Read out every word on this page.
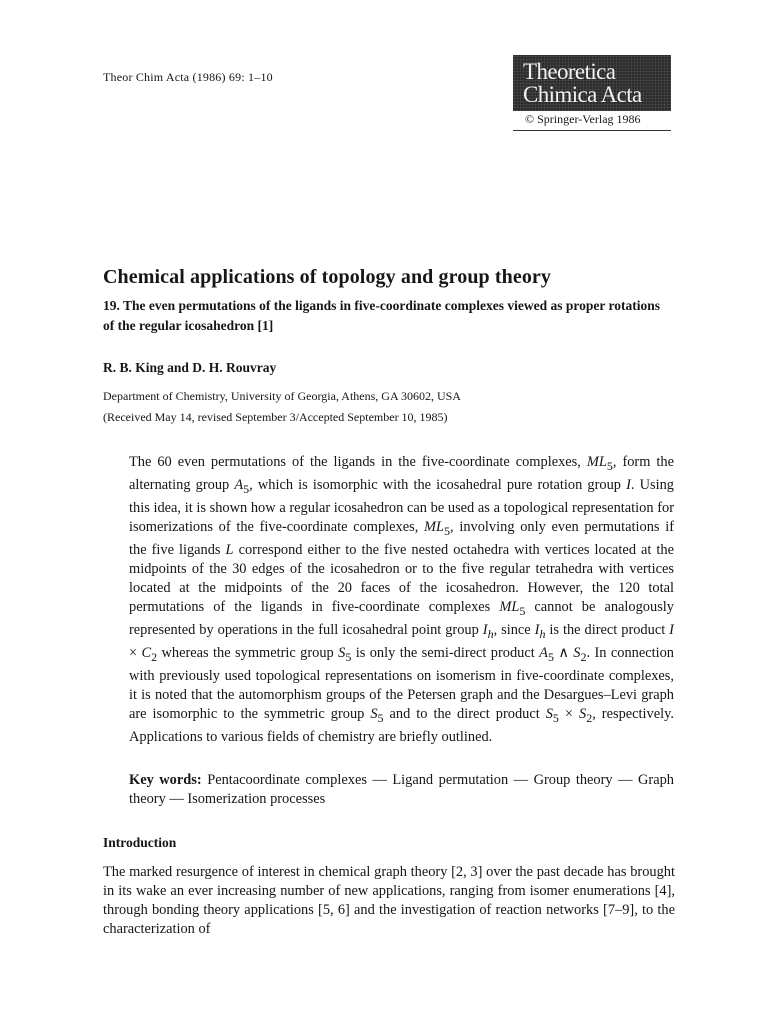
Theor Chim Acta (1986) 69: 1–10	Theoretica
Chimica Acta
© Springer-Verlag 1986
Chemical applications of topology and group theory
19. The even permutations of the ligands in five-coordinate complexes viewed as proper rotations of the regular icosahedron [1]
R. B. King and D. H. Rouvray
Department of Chemistry, University of Georgia, Athens, GA 30602, USA
(Received May 14, revised September 3/Accepted September 10, 1985)
The 60 even permutations of the ligands in the five-coordinate complexes, $ML_5$, form the alternating group $A_5$, which is isomorphic with the icosahedral pure rotation group I. Using this idea, it is shown how a regular icosahedron can be used as a topological representation for isomerizations of the five-coordinate complexes, $ML_5$, involving only even permutations if the five ligands L correspond either to the five nested octahedra with vertices located at the midpoints of the 30 edges of the icosahedron or to the five regular tetrahedra with vertices located at the midpoints of the 20 faces of the icosahedron. However, the 120 total permutations of the ligands in five-coordinate complexes $ML_5$ cannot be analogously represented by operations in the full icosahedral point group $I_h$, since $I_h$ is the direct product $I \times C_2$ whereas the symmetric group $S_5$ is only the semi-direct product $A_5$ ∧ $S_2$. In connection with previously used topological representations on isomerism in five-coordinate complexes, it is noted that the automorphism groups of the Petersen graph and the Desargues–Levi graph are isomorphic to the symmetric group $S_5$ and to the direct product $S_5 \times S_2$, respectively. Applications to various fields of chemistry are briefly outlined.
Key words: Pentacoordinate complexes — Ligand permutation — Group theory — Graph theory — Isomerization processes
Introduction
The marked resurgence of interest in chemical graph theory [2, 3] over the past decade has brought in its wake an ever increasing number of new applications, ranging from isomer enumerations [4], through bonding theory applications [5, 6] and the investigation of reaction networks [7–9], to the characterization of
